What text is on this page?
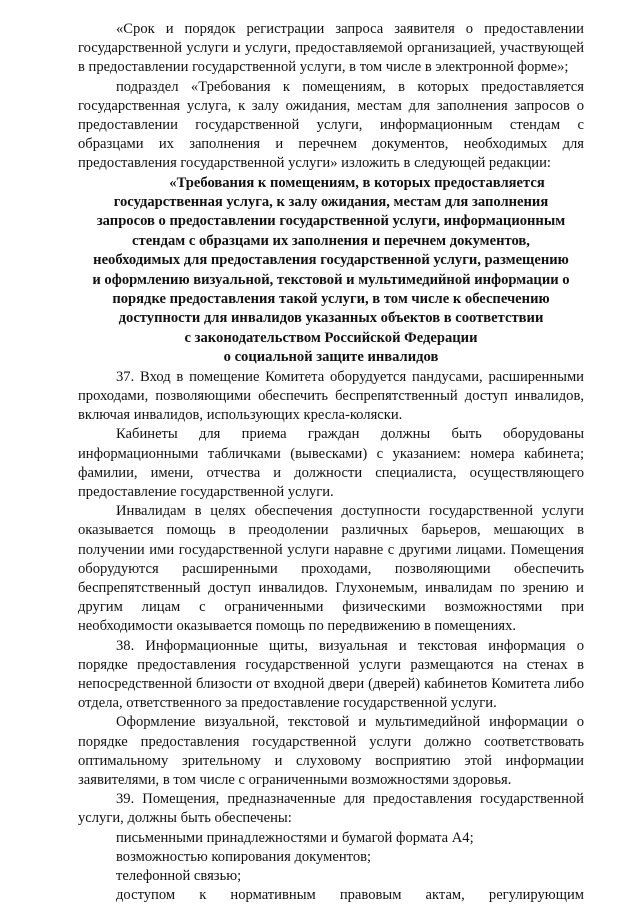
«Срок и порядок регистрации запроса заявителя о предоставлении государственной услуги и услуги, предоставляемой организацией, участвующей в предоставлении государственной услуги, в том числе в электронной форме»;

подраздел «Требования к помещениям, в которых предоставляется государственная услуга, к залу ожидания, местам для заполнения запросов о предоставлении государственной услуги, информационным стендам с образцами их заполнения и перечнем документов, необходимых для предоставления государственной услуги» изложить в следующей редакции:

«Требования к помещениям, в которых предоставляется
государственная услуга, к залу ожидания, местам для заполнения
запросов о предоставлении государственной услуги, информационным
стендам с образцами их заполнения и перечнем документов,
необходимых для предоставления государственной услуги, размещению
и оформлению визуальной, текстовой и мультимедийной информации о
порядке предоставления такой услуги, в том числе к обеспечению
доступности для инвалидов указанных объектов в соответствии
с законодательством Российской Федерации
о социальной защите инвалидов

37. Вход в помещение Комитета оборудуется пандусами, расширенными проходами, позволяющими обеспечить беспрепятственный доступ инвалидов, включая инвалидов, использующих кресла-коляски.

Кабинеты для приема граждан должны быть оборудованы информационными табличками (вывесками) с указанием: номера кабинета; фамилии, имени, отчества и должности специалиста, осуществляющего предоставление государственной услуги.

Инвалидам в целях обеспечения доступности государственной услуги оказывается помощь в преодолении различных барьеров, мешающих в получении ими государственной услуги наравне с другими лицами. Помещения оборудуются расширенными проходами, позволяющими обеспечить беспрепятственный доступ инвалидов. Глухонемым, инвалидам по зрению и другим лицам с ограниченными физическими возможностями при необходимости оказывается помощь по передвижению в помещениях.

38. Информационные щиты, визуальная и текстовая информация о порядке предоставления государственной услуги размещаются на стенах в непосредственной близости от входной двери (дверей) кабинетов Комитета либо отдела, ответственного за предоставление государственной услуги.

Оформление визуальной, текстовой и мультимедийной информации о порядке предоставления государственной услуги должно соответствовать оптимальному зрительному и слуховому восприятию этой информации заявителями, в том числе с ограниченными возможностями здоровья.

39. Помещения, предназначенные для предоставления государственной услуги, должны быть обеспечены:

письменными принадлежностями и бумагой формата А4;

возможностью копирования документов;

телефонной связью;

доступом к нормативным правовым актам, регулирующим
